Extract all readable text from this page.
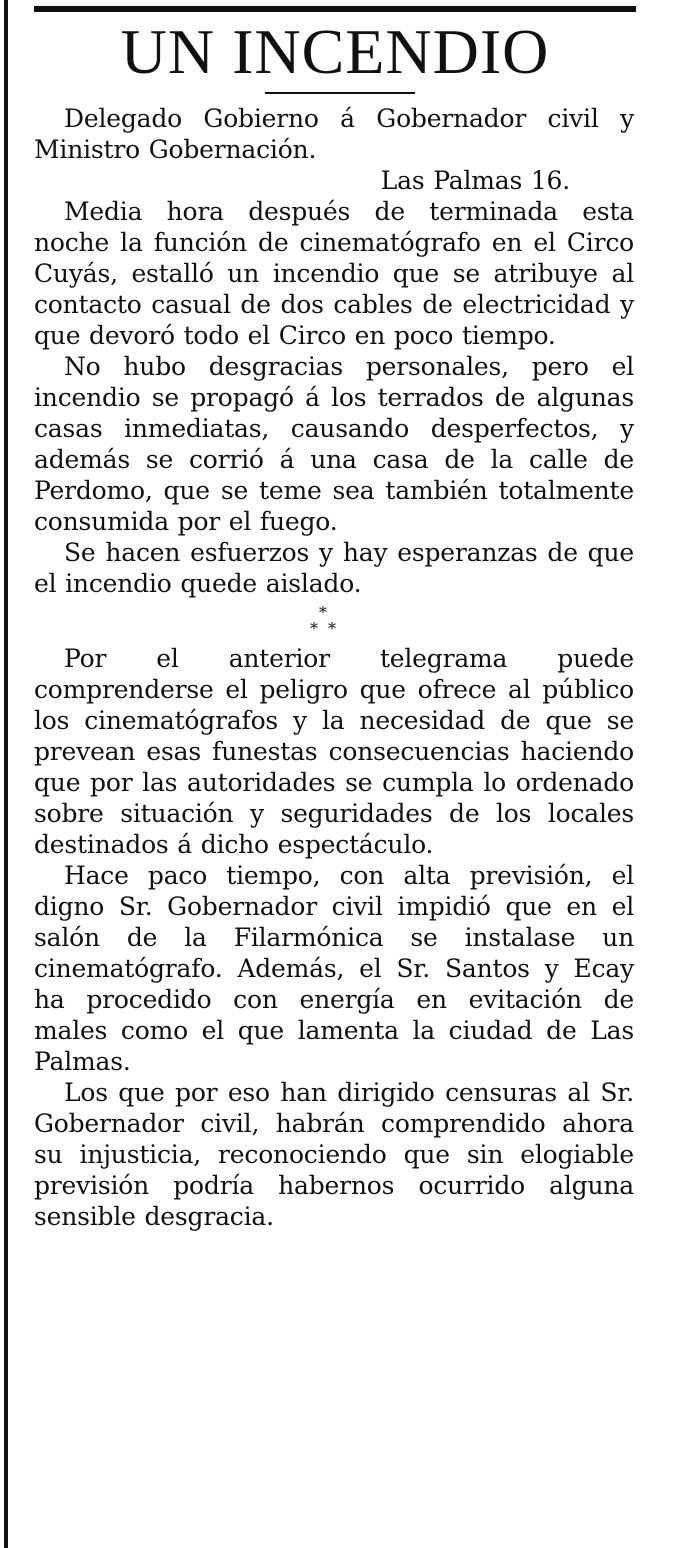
UN INCENDIO

Delegado Gobierno á Gobernador civil y Ministro Gobernación.

Las Palmas 16.

Media hora después de terminada esta noche la función de cinematógrafo en el Circo Cuyás, estalló un incendio que se atribuye al contacto casual de dos cables de electricidad y que devoró todo el Circo en poco tiempo.

No hubo desgracias personales, pero el incendio se propagó á los terrados de algunas casas inmediatas, causando desperfectos, y además se corrió á una casa de la calle de Perdomo, que se teme sea también totalmente consumida por el fuego.

Se hacen esfuerzos y hay esperanzas de que el incendio quede aislado.

*
* *

Por el anterior telegrama puede comprenderse el peligro que ofrece al público los cinematógrafos y la necesidad de que se prevean esas funestas consecuencias haciendo que por las autoridades se cumpla lo ordenado sobre situación y seguridades de los locales destinados á dicho espectáculo.

Hace paco tiempo, con alta previsión, el digno Sr. Gobernador civil impidió que en el salón de la Filarmónica se instalase un cinematógrafo. Además, el Sr. Santos y Ecay ha procedido con energía en evitación de males como el que lamenta la ciudad de Las Palmas.

Los que por eso han dirigido censuras al Sr. Gobernador civil, habrán comprendido ahora su injusticia, reconociendo que sin elogiable previsión podría habernos ocurrido alguna sensible desgracia.
